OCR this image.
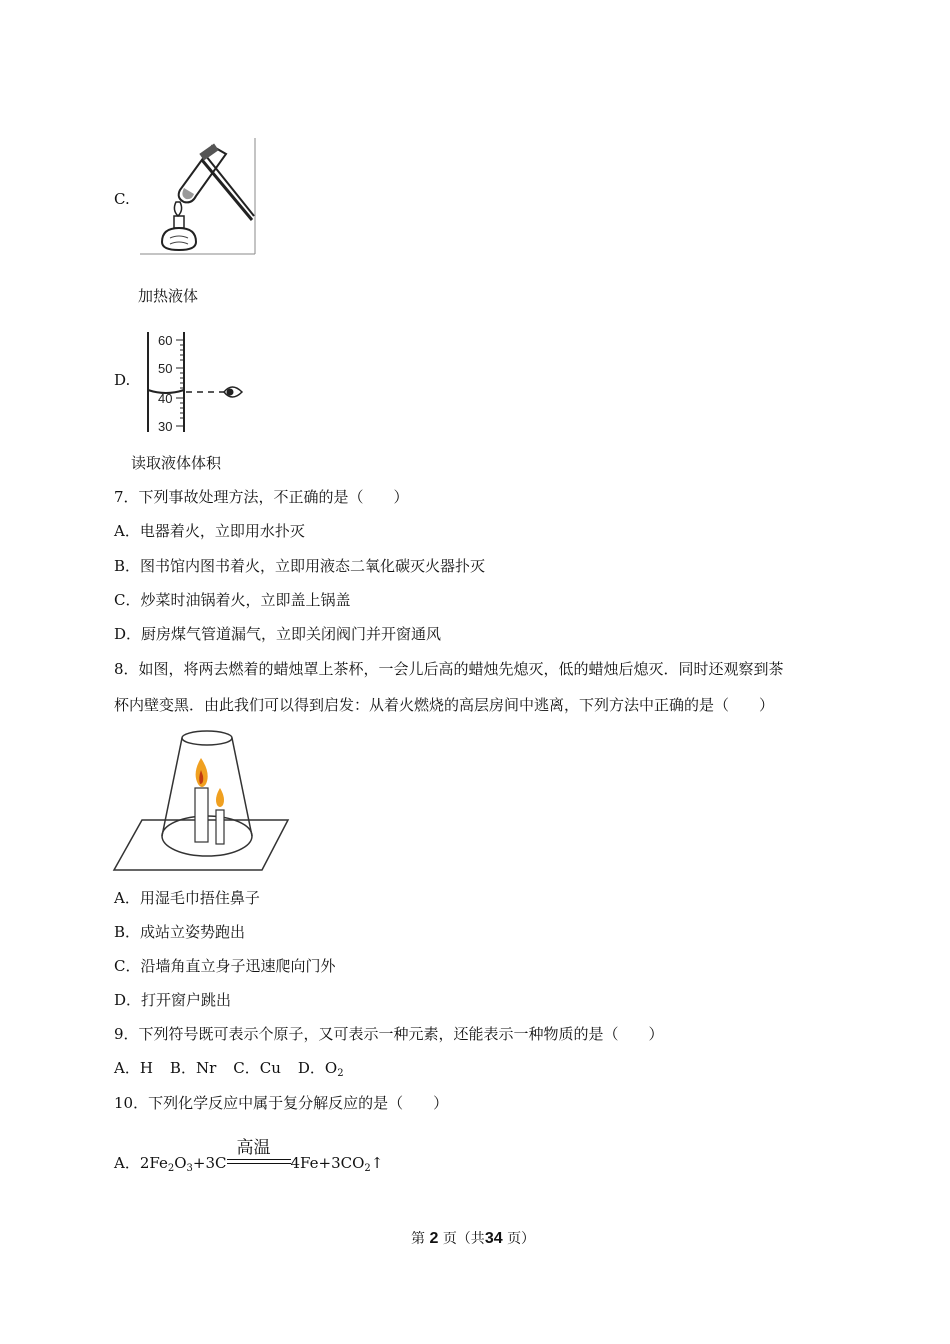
C.
加热液体
D.
60
50
40
30
读取液体体积
7．下列事故处理方法，不正确的是（　　）
A．电器着火，立即用水扑灭
B．图书馆内图书着火，立即用液态二氧化碳灭火器扑灭
C．炒菜时油锅着火，立即盖上锅盖
D．厨房煤气管道漏气，立即关闭阀门并开窗通风
8．如图，将两去燃着的蜡烛罩上茶杯，一会儿后高的蜡烛先熄灭，低的蜡烛后熄灭．同时还观察到茶
杯内壁变黑．由此我们可以得到启发：从着火燃烧的高层房间中逃离，下列方法中正确的是（　　）
A．用湿毛巾捂住鼻子
B．成站立姿势跑出
C．沿墙角直立身子迅速爬向门外
D．打开窗户跳出
9．下列符号既可表示个原子，又可表示一种元素，还能表示一种物质的是（　　）
A．H B．Nr C．Cu D．$O_2$
10．下列化学反应中属于复分解反应的是（　　）
A．$2Fe_2O_3+3C$
高温
$4Fe+3CO_2↑$
第 2 页（共34 页）
